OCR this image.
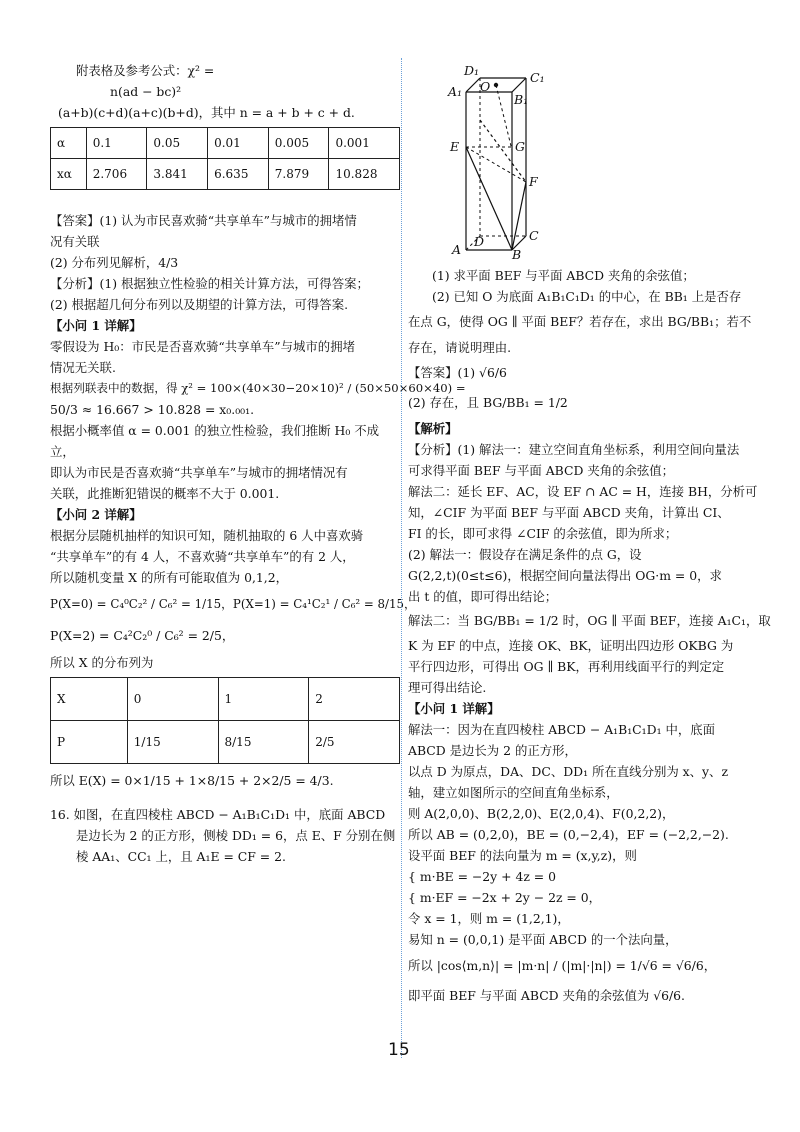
附表格及参考公式：χ² =
n(ad − bc)²
(a+b)(c+d)(a+c)(b+d)，其中 n = a + b + c + d.
α	0.1	0.05	0.01	0.005	0.001
xα	2.706	3.841	6.635	7.879	10.828
【答案】(1) 认为市民喜欢骑“共享单车”与城市的拥堵情
况有关联
(2) 分布列见解析，4/3
【分析】(1) 根据独立性检验的相关计算方法，可得答案；
(2) 根据超几何分布列以及期望的计算方法，可得答案.
【小问 1 详解】
零假设为 H₀：市民是否喜欢骑“共享单车”与城市的拥堵
情况无关联.
根据列联表中的数据，得 χ² = 100×(40×30−20×10)² / (50×50×60×40) =
50/3 ≈ 16.667 > 10.828 = x₀.₀₀₁.
根据小概率值 α = 0.001 的独立性检验，我们推断 H₀ 不成
立，
即认为市民是否喜欢骑“共享单车”与城市的拥堵情况有
关联，此推断犯错误的概率不大于 0.001.
【小问 2 详解】
根据分层随机抽样的知识可知，随机抽取的 6 人中喜欢骑
“共享单车”的有 4 人，不喜欢骑“共享单车”的有 2 人，
所以随机变量 X 的所有可能取值为 0,1,2，
P(X=0) = C₄⁰C₂² / C₆² = 1/15，P(X=1) = C₄¹C₂¹ / C₆² = 8/15，
P(X=2) = C₄²C₂⁰ / C₆² = 2/5，
所以 X 的分布列为
X	0	1	2
P	1/15	8/15	2/5
所以 E(X) = 0×1/15 + 1×8/15 + 2×2/5 = 4/3.
16. 如图，在直四棱柱 ABCD − A₁B₁C₁D₁ 中，底面 ABCD
是边长为 2 的正方形，侧棱 DD₁ = 6，点 E、F 分别在侧
棱 AA₁、CC₁ 上，且 A₁E = CF = 2.
D₁	C₁
A₁ O
B₁
E	G
F
A
D
B
C
(1) 求平面 BEF 与平面 ABCD 夹角的余弦值；
(2) 已知 O 为底面 A₁B₁C₁D₁ 的中心，在 BB₁ 上是否存
在点 G，使得 OG ∥ 平面 BEF？若存在，求出 BG/BB₁；若不
存在，请说明理由.
【答案】(1) √6/6
(2) 存在，且 BG/BB₁ = 1/2
【解析】
【分析】(1) 解法一：建立空间直角坐标系，利用空间向量法
可求得平面 BEF 与平面 ABCD 夹角的余弦值；
解法二：延长 EF、AC，设 EF ∩ AC = H，连接 BH，分析可
知，∠CIF 为平面 BEF 与平面 ABCD 夹角，计算出 CI、
FI 的长，即可求得 ∠CIF 的余弦值，即为所求；
(2) 解法一：假设存在满足条件的点 G，设
G(2,2,t)(0≤t≤6)，根据空间向量法得出 OG·m = 0，求
出 t 的值，即可得出结论；
解法二：当 BG/BB₁ = 1/2 时，OG ∥ 平面 BEF，连接 A₁C₁，取
K 为 EF 的中点，连接 OK、BK，证明出四边形 OKBG 为
平行四边形，可得出 OG ∥ BK，再利用线面平行的判定定
理可得出结论.
【小问 1 详解】
解法一：因为在直四棱柱 ABCD − A₁B₁C₁D₁ 中，底面
ABCD 是边长为 2 的正方形，
以点 D 为原点，DA、DC、DD₁ 所在直线分别为 x、y、z
轴，建立如图所示的空间直角坐标系，
则 A(2,0,0)、B(2,2,0)、E(2,0,4)、F(0,2,2)，
所以 AB = (0,2,0)，BE = (0,−2,4)，EF = (−2,2,−2).
设平面 BEF 的法向量为 m = (x,y,z)，则
{ m·BE = −2y + 4z = 0
{ m·EF = −2x + 2y − 2z = 0，
令 x = 1，则 m = (1,2,1)，
易知 n = (0,0,1) 是平面 ABCD 的一个法向量，
所以 |cos⟨m,n⟩| = |m·n| / (|m|·|n|) = 1/√6 = √6/6，
即平面 BEF 与平面 ABCD 夹角的余弦值为 √6/6.
15
